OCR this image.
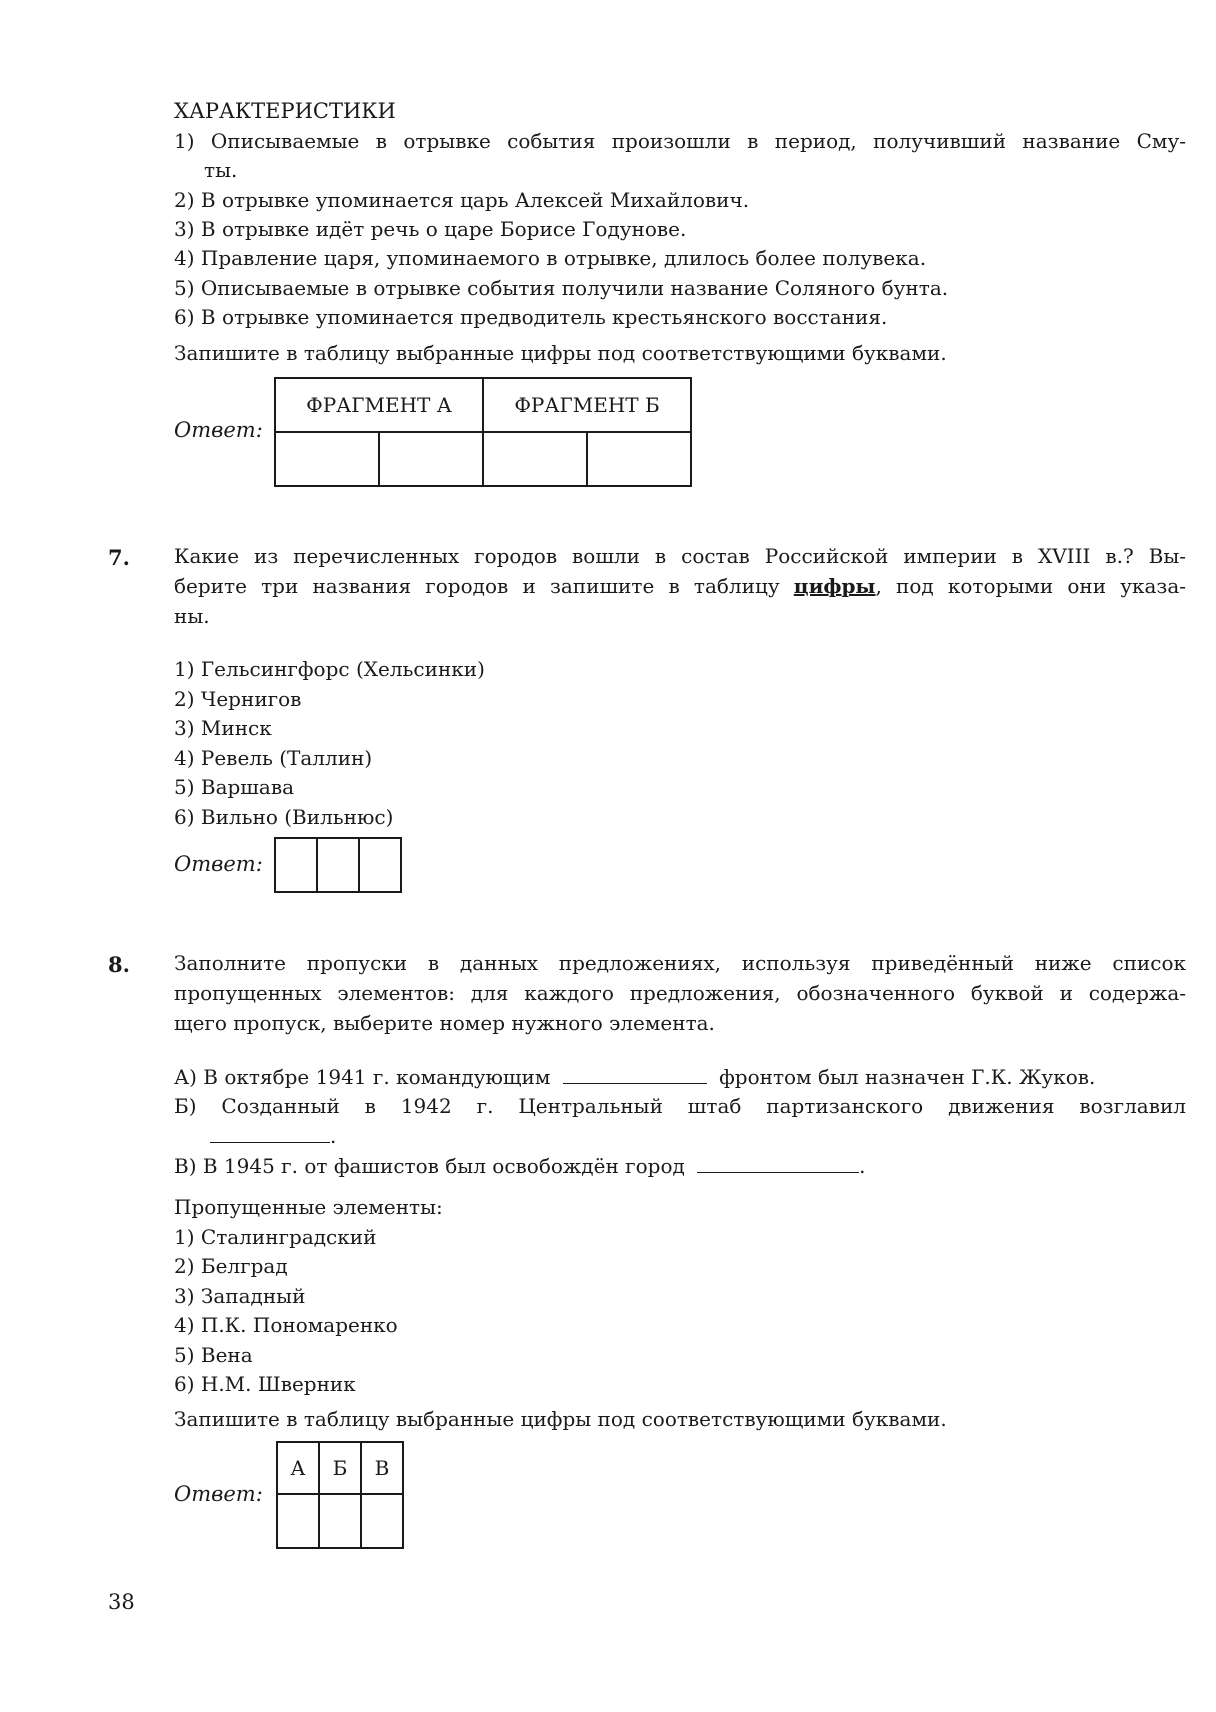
ХАРАКТЕРИСТИКИ
1) Описываемые в отрывке события произошли в период, получивший название Сму-
ты.
2) В отрывке упоминается царь Алексей Михайлович.
3) В отрывке идёт речь о царе Борисе Годунове.
4) Правление царя, упоминаемого в отрывке, длилось более полувека.
5) Описываемые в отрывке события получили название Соляного бунта.
6) В отрывке упоминается предводитель крестьянского восстания.
Запишите в таблицу выбранные цифры под соответствующими буквами.
Ответ:
ФРАГМЕНТ А		ФРАГМЕНТ Б	

7. Какие из перечисленных городов вошли в состав Российской империи в XVIII в.? Вы-
берите три названия городов и запишите в таблицу цифры, под которыми они указа-
ны.
1) Гельсингфорс (Хельсинки)
2) Чернигов
3) Минск
4) Ревель (Таллин)
5) Варшава
6) Вильно (Вильнюс)
Ответ:

8. Заполните пропуски в данных предложениях, используя приведённый ниже список
пропущенных элементов: для каждого предложения, обозначенного буквой и содержа-
щего пропуск, выберите номер нужного элемента.
А) В октябре 1941 г. командующим	фронтом был назначен Г.К. Жуков.
Б) Созданный в 1942 г. Центральный штаб партизанского движения возглавил
.
В) В 1945 г. от фашистов был освобождён город	.
Пропущенные элементы:
1) Сталинградский
2) Белград
3) Западный
4) П.К. Пономаренко
5) Вена
6) Н.М. Шверник
Запишите в таблицу выбранные цифры под соответствующими буквами.
Ответ:
А	Б	В

38
